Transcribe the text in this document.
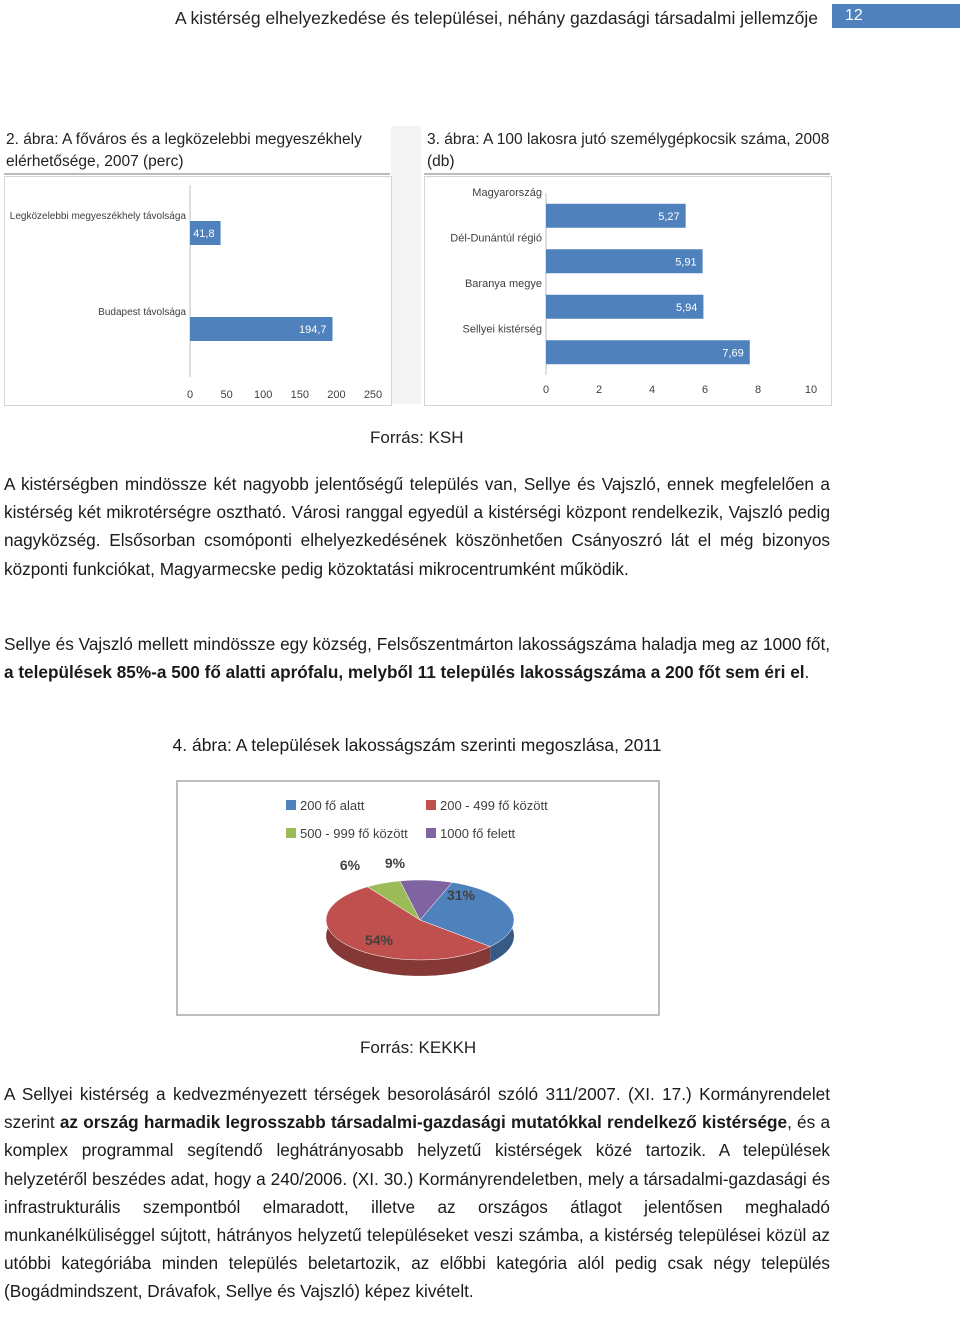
A kistérség elhelyezkedése és települései, néhány gazdasági társadalmi jellemzője	12
2. ábra: A főváros és a legközelebbi megyeszékhely elérhetősége, 2007 (perc)
3. ábra: A 100 lakosra jutó személygépkocsik száma, 2008 (db)
41,8
Legközelebbi megyeszékhely távolsága
194,7
Budapest távolsága
0 50 100 150 200 250
5,27
Magyarország
5,91
Dél-Dunántúl régió
5,94
Baranya megye
7,69
Sellyei kistérség
0	2	4	6	8	10
Forrás: KSH
A kistérségben mindössze két nagyobb jelentőségű település van, Sellye és Vajszló, ennek megfelelően a kistérség két mikrotérségre osztható. Városi ranggal egyedül a kistérségi központ rendelkezik, Vajszló pedig nagyközség. Elsősorban csomóponti elhelyezkedésének köszönhetően Csányoszró lát el még bizonyos központi funkciókat, Magyarmecske pedig közoktatási mikrocentrumként működik.
Sellye és Vajszló mellett mindössze egy község, Felsőszentmárton lakosságszáma haladja meg az 1000 főt, a települések 85%-a 500 fő alatti aprófalu, melyből 11 település lakosságszáma a 200 főt sem éri el.
4. ábra: A települések lakosságszám szerinti megoszlása, 2011
31%
54%
6% 9%
200 fő alatt	200 - 499 fő között
500 - 999 fő között 1000 fő felett
Forrás: KEKKH
A Sellyei kistérség a kedvezményezett térségek besorolásáról szóló 311/2007. (XI. 17.) Kormányrendelet szerint az ország harmadik legrosszabb társadalmi-gazdasági mutatókkal rendelkező kistérsége, és a komplex programmal segítendő leghátrányosabb helyzetű kistérségek közé tartozik. A települések helyzetéről beszédes adat, hogy a 240/2006. (XI. 30.) Kormányrendeletben, mely a társadalmi-gazdasági és infrastrukturális szempontból elmaradott, illetve az országos átlagot jelentősen meghaladó munkanélküliséggel sújtott, hátrányos helyzetű településeket veszi számba, a kistérség települései közül az utóbbi kategóriába minden település beletartozik, az előbbi kategória alól pedig csak négy település (Bogádmindszent, Drávafok, Sellye és Vajszló) képez kivételt.
